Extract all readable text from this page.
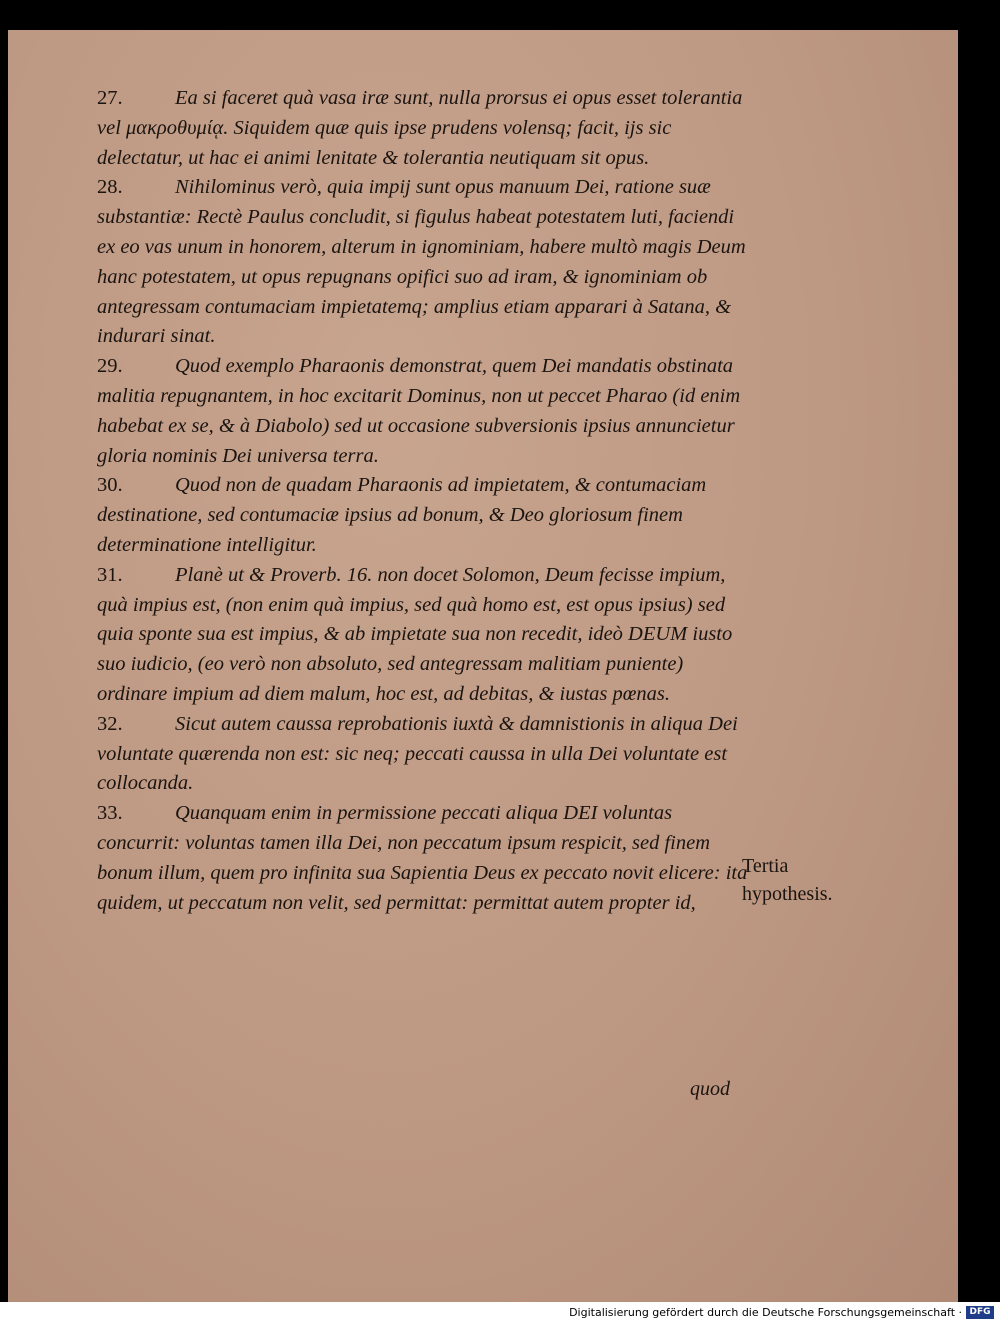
27.	Ea si faceret quà vasa iræ sunt, nulla prorsus ei opus esset tolerantia vel μακροθυμίᾳ. Siquidem quæ quis ipse prudens volensq; facit, ijs sic delectatur, ut hac ei animi lenitate & tolerantia neutiquam sit opus.

28.	Nihilominus verò, quia impij sunt opus manuum Dei, ratione suæ substantiæ: Rectè Paulus concludit, si figulus habeat potestatem luti, faciendi ex eo vas unum in honorem, alterum in ignominiam, habere multò magis Deum hanc potestatem, ut opus repugnans opifici suo ad iram, & ignominiam ob antegressam contumaciam impietatemq; amplius etiam apparari à Satana, & indurari sinat.

29.	Quod exemplo Pharaonis demonstrat, quem Dei mandatis obstinata malitia repugnantem, in hoc excitarit Dominus, non ut peccet Pharao (id enim habebat ex se, & à Diabolo) sed ut occasione subversionis ipsius annuncietur gloria nominis Dei universa terra.

30.	Quod non de quadam Pharaonis ad impietatem, & contumaciam destinatione, sed contumaciæ ipsius ad bonum, & Deo gloriosum finem determinatione intelligitur.

31.	Planè ut & Proverb. 16. non docet Solomon, Deum fecisse impium, quà impius est, (non enim quà impius, sed quà homo est, est opus ipsius) sed quia sponte sua est impius, & ab impietate sua non recedit, ideò DEUM iusto suo iudicio, (eo verò non absoluto, sed antegressam malitiam puniente) ordinare impium ad diem malum, hoc est, ad debitas, & iustas pœnas.

32.	Sicut autem caussa reprobationis iuxtà & damnistionis in aliqua Dei voluntate quærenda non est: sic neq; peccati caussa in ulla Dei voluntate est collocanda.

33.	Quanquam enim in permissione peccati aliqua DEI voluntas concurrit: voluntas tamen illa Dei, non peccatum ipsum respicit, sed finem bonum illum, quem pro infinita sua Sapientia Deus ex peccato novit elicere: ita quidem, ut peccatum non velit, sed permittat: permittat autem propter id,

Tertia hypothesis.
quod
Digitalisierung gefördert durch die Deutsche Forschungsgemeinschaft · DFG
